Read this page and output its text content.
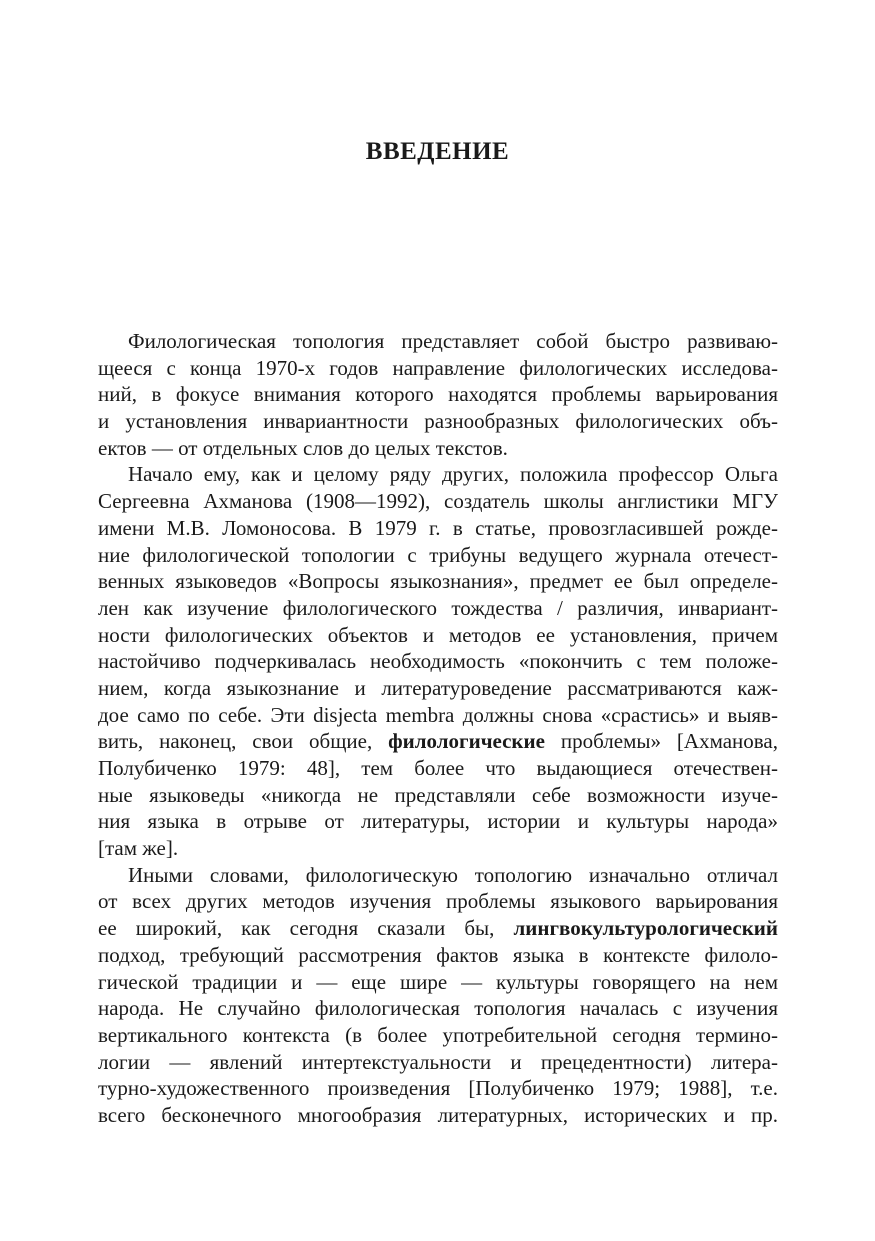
ВВЕДЕНИЕ

Филологическая топология представляет собой быстро развиваю-
щееся с конца 1970-х годов направление филологических исследова-
ний, в фокусе внимания которого находятся проблемы варьирования
и установления инвариантности разнообразных филологических объ-
ектов — от отдельных слов до целых текстов.

Начало ему, как и целому ряду других, положила профессор Ольга
Сергеевна Ахманова (1908—1992), создатель школы англистики МГУ
имени М.В. Ломоносова. В 1979 г. в статье, провозгласившей рожде-
ние филологической топологии с трибуны ведущего журнала отечест-
венных языковедов «Вопросы языкознания», предмет ее был определе-
лен как изучение филологического тождества / различия, инвариант-
ности филологических объектов и методов ее установления, причем
настойчиво подчеркивалась необходимость «покончить с тем положе-
нием, когда языкознание и литературоведение рассматриваются каж-
дое само по себе. Эти disjecta membra должны снова «срастись» и выяв-
вить, наконец, свои общие, филологические проблемы» [Ахманова,
Полубиченко 1979: 48], тем более что выдающиеся отечествен-
ные языковеды «никогда не представляли себе возможности изуче-
ния языка в отрыве от литературы, истории и культуры народа»
[там же].

Иными словами, филологическую топологию изначально отличал
от всех других методов изучения проблемы языкового варьирования
ее широкий, как сегодня сказали бы, лингвокультурологический
подход, требующий рассмотрения фактов языка в контексте филоло-
гической традиции и — еще шире — культуры говорящего на нем
народа. Не случайно филологическая топология началась с изучения
вертикального контекста (в более употребительной сегодня термино-
логии — явлений интертекстуальности и прецедентности) литера-
турно-художественного произведения [Полубиченко 1979; 1988], т.е.
всего бесконечного многообразия литературных, исторических и пр.
